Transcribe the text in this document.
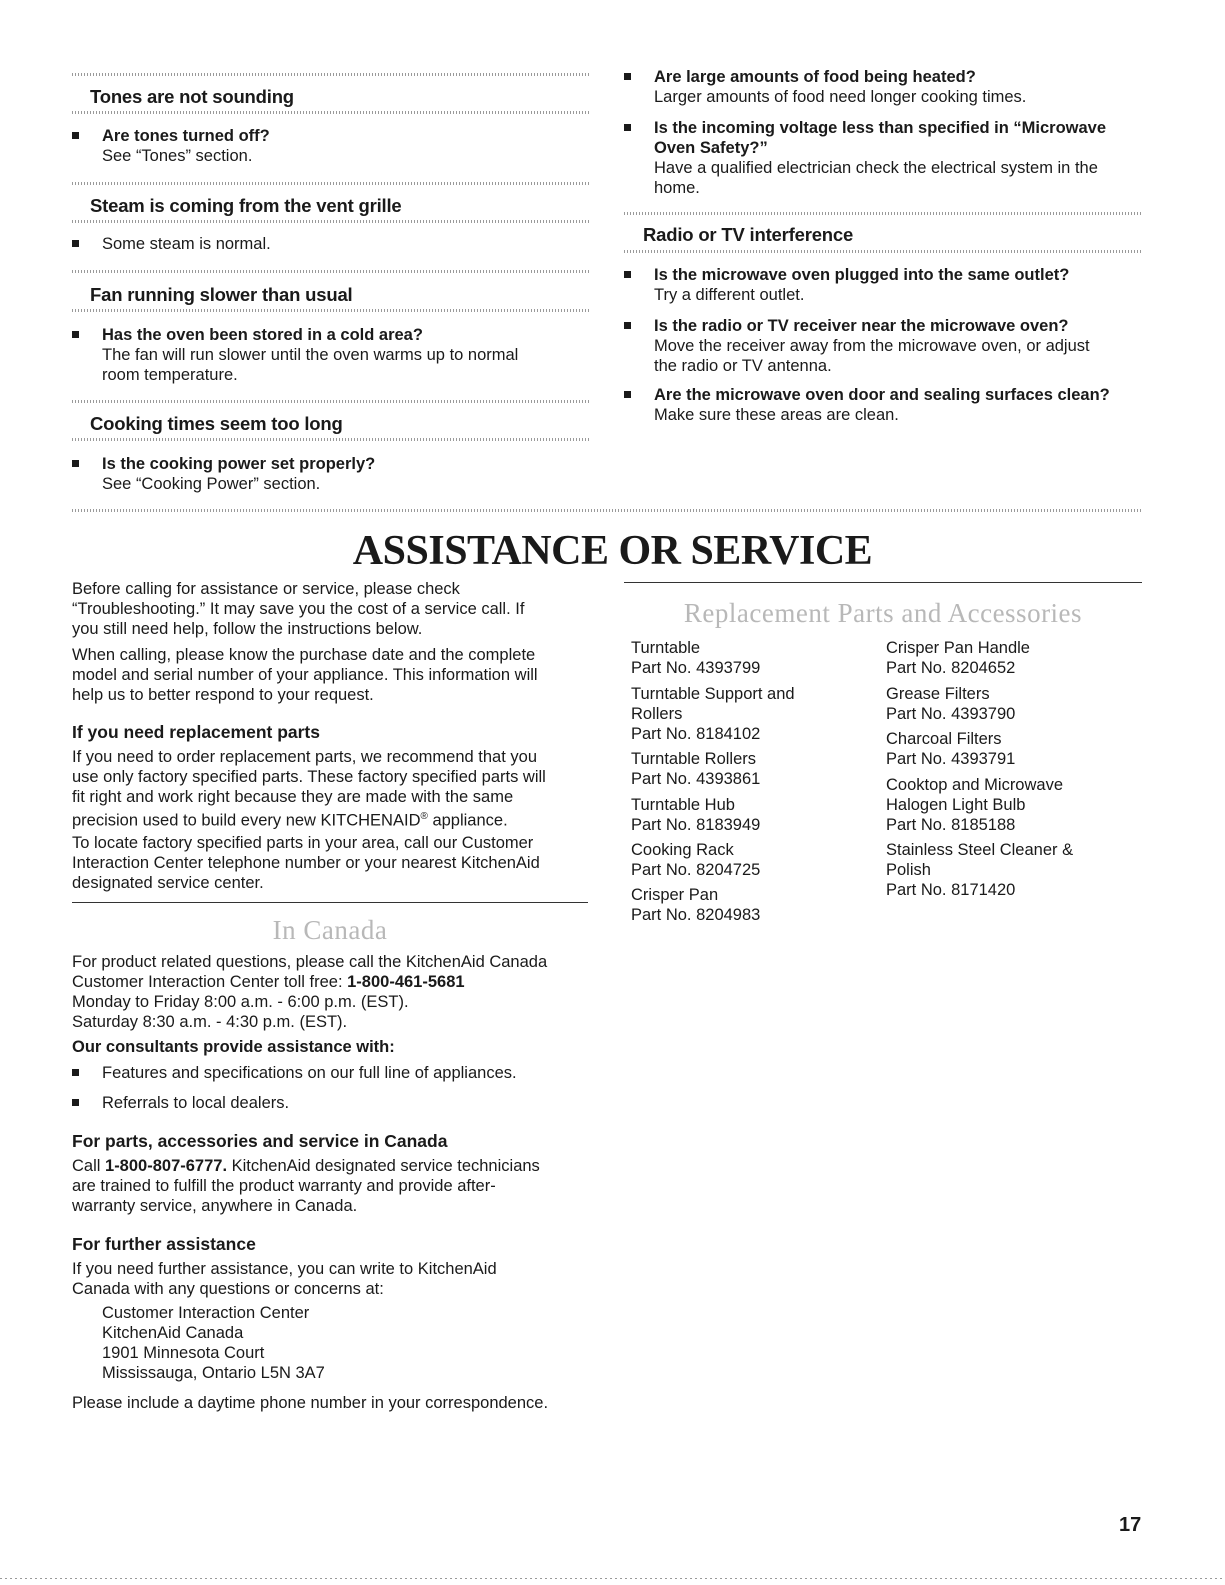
Tones are not sounding
Are tones turned off?
See “Tones” section.
Steam is coming from the vent grille
Some steam is normal.
Fan running slower than usual
Has the oven been stored in a cold area?
The fan will run slower until the oven warms up to normal
room temperature.
Cooking times seem too long
Is the cooking power set properly?
See “Cooking Power” section.
Are large amounts of food being heated?
Larger amounts of food need longer cooking times.
Is the incoming voltage less than specified in “Microwave
Oven Safety?”
Have a qualified electrician check the electrical system in the
home.
Radio or TV interference
Is the microwave oven plugged into the same outlet?
Try a different outlet.
Is the radio or TV receiver near the microwave oven?
Move the receiver away from the microwave oven, or adjust
the radio or TV antenna.
Are the microwave oven door and sealing surfaces clean?
Make sure these areas are clean.
ASSISTANCE OR SERVICE
Before calling for assistance or service, please check
“Troubleshooting.” It may save you the cost of a service call. If
you still need help, follow the instructions below.
When calling, please know the purchase date and the complete
model and serial number of your appliance. This information will
help us to better respond to your request.
If you need replacement parts
If you need to order replacement parts, we recommend that you
use only factory specified parts. These factory specified parts will
fit right and work right because they are made with the same
precision used to build every new KITCHENAID® appliance.
To locate factory specified parts in your area, call our Customer
Interaction Center telephone number or your nearest KitchenAid
designated service center.
In Canada
For product related questions, please call the KitchenAid Canada
Customer Interaction Center toll free: 1-800-461-5681
Monday to Friday 8:00 a.m. - 6:00 p.m. (EST).
Saturday 8:30 a.m. - 4:30 p.m. (EST).
Our consultants provide assistance with:
Features and specifications on our full line of appliances.
Referrals to local dealers.
For parts, accessories and service in Canada
Call 1-800-807-6777. KitchenAid designated service technicians
are trained to fulfill the product warranty and provide after-
warranty service, anywhere in Canada.
For further assistance
If you need further assistance, you can write to KitchenAid
Canada with any questions or concerns at:
Customer Interaction Center
KitchenAid Canada
1901 Minnesota Court
Mississauga, Ontario L5N 3A7
Please include a daytime phone number in your correspondence.
Replacement Parts and Accessories
Turntable
Part No. 4393799
Turntable Support and
Rollers
Part No. 8184102
Turntable Rollers
Part No. 4393861
Turntable Hub
Part No. 8183949
Cooking Rack
Part No. 8204725
Crisper Pan
Part No. 8204983
Crisper Pan Handle
Part No. 8204652
Grease Filters
Part No. 4393790
Charcoal Filters
Part No. 4393791
Cooktop and Microwave
Halogen Light Bulb
Part No. 8185188
Stainless Steel Cleaner &
Polish
Part No. 8171420
17
